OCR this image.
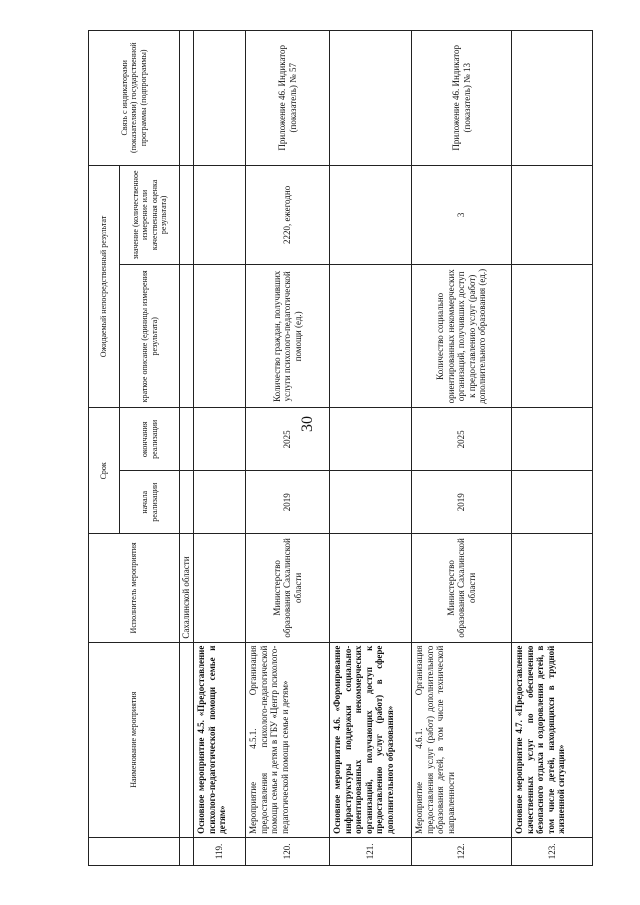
30
	Наименование мероприятия	Исполнитель мероприятия	Срок		Ожидаемый непосредственный результат		Связь с индикаторами (показателями) государственной программы (подпрограммы)
			начала реализации	окончания реализации	краткое описание (единицы измерения результата)	значение (количественное измерение или качественная оценка результата)	
		Сахалинской области					
119.	Основное мероприятие 4.5. «Предоставление психолого-педагогической помощи семье и детям»						
120.	Мероприятие 4.5.1. Организация предоставления психолого-педагогической помощи семье и детям в ГБУ «Центр психолого-педагогической помощи семье и детям»	Министерство образования Сахалинской области	2019	2025	Количество граждан, получивших услуги психолого-педагогической помощи (ед.)	2220, ежегодно	Приложение 46. Индикатор (показатель) № 57
121.	Основное мероприятие 4.6. «Формирование инфраструктуры поддержки социально-ориентированных некоммерческих организаций, получающих доступ к предоставлению услуг (работ) в сфере дополнительного образования»						
122.	Мероприятие 4.6.1. Организация предоставления услуг (работ) дополнительного образования детей, в том числе технической направленности	Министерство образования Сахалинской области	2019	2025	Количество социально ориентированных некоммерческих организаций, получивших доступ к предоставлению услуг (работ) дополнительного образования (ед.)	3	Приложение 46. Индикатор (показатель) № 13
123.	Основное мероприятие 4.7. «Предоставление качественных услуг по обеспечению безопасного отдыха и оздоровления детей, в том числе детей, находящихся в трудной жизненной ситуации»						
